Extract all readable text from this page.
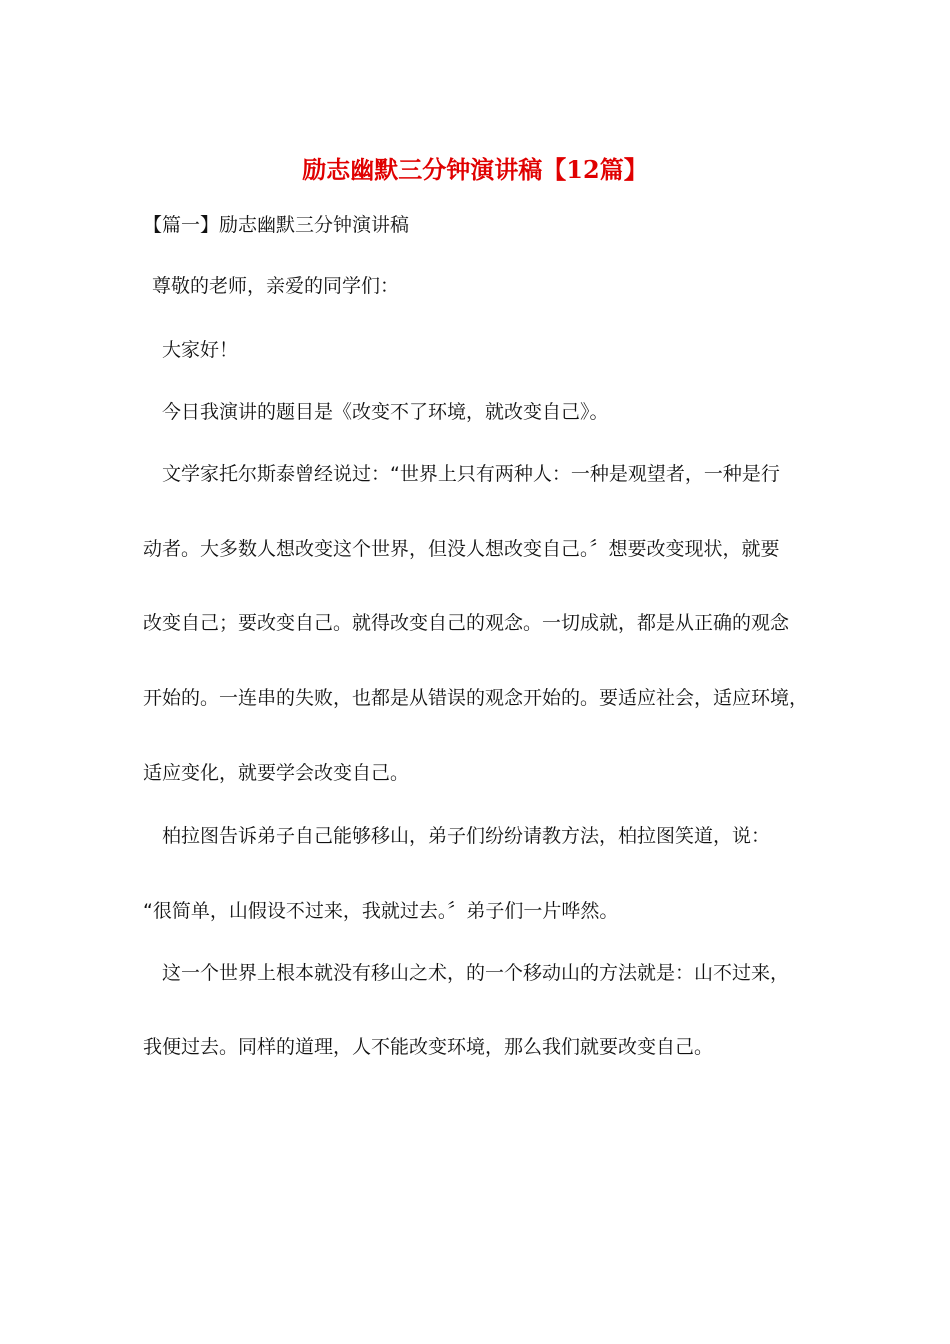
励志幽默三分钟演讲稿【12篇】

【篇一】励志幽默三分钟演讲稿

尊敬的老师，亲爱的同学们：

大家好！

今日我演讲的题目是《改变不了环境，就改变自己》。

文学家托尔斯泰曾经说过：“世界上只有两种人：一种是观望者，一种是行

动者。大多数人想改变这个世界，但没人想改变自己。〞想要改变现状，就要

改变自己；要改变自己。就得改变自己的观念。一切成就，都是从正确的观念

开始的。一连串的失败，也都是从错误的观念开始的。要适应社会，适应环境，

适应变化，就要学会改变自己。

柏拉图告诉弟子自己能够移山，弟子们纷纷请教方法，柏拉图笑道，说：

“很简单，山假设不过来，我就过去。〞弟子们一片哗然。

这一个世界上根本就没有移山之术，的一个移动山的方法就是：山不过来，

我便过去。同样的道理，人不能改变环境，那么我们就要改变自己。
